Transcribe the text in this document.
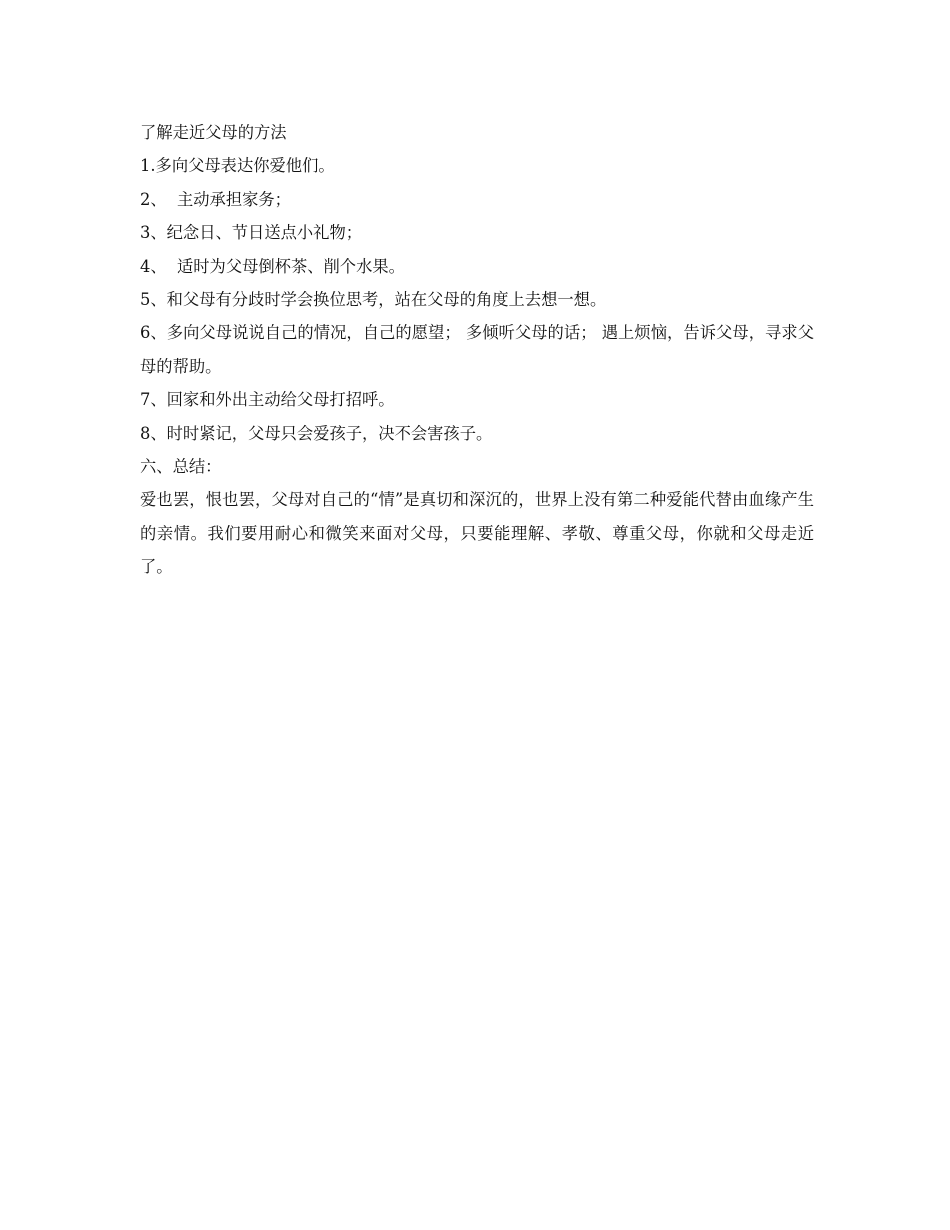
了解走近父母的方法
1.多向父母表达你爱他们。
2、  主动承担家务；
3、纪念日、节日送点小礼物；
4、  适时为父母倒杯茶、削个水果。
5、和父母有分歧时学会换位思考，站在父母的角度上去想一想。
6、多向父母说说自己的情况，自己的愿望； 多倾听父母的话； 遇上烦恼，告诉父母，寻求父母的帮助。
7、回家和外出主动给父母打招呼。
8、时时紧记，父母只会爱孩子，决不会害孩子。
六、总结：
爱也罢，恨也罢，父母对自己的“情”是真切和深沉的，世界上没有第二种爱能代替由血缘产生的亲情。我们要用耐心和微笑来面对父母，只要能理解、孝敬、尊重父母，你就和父母走近了。
